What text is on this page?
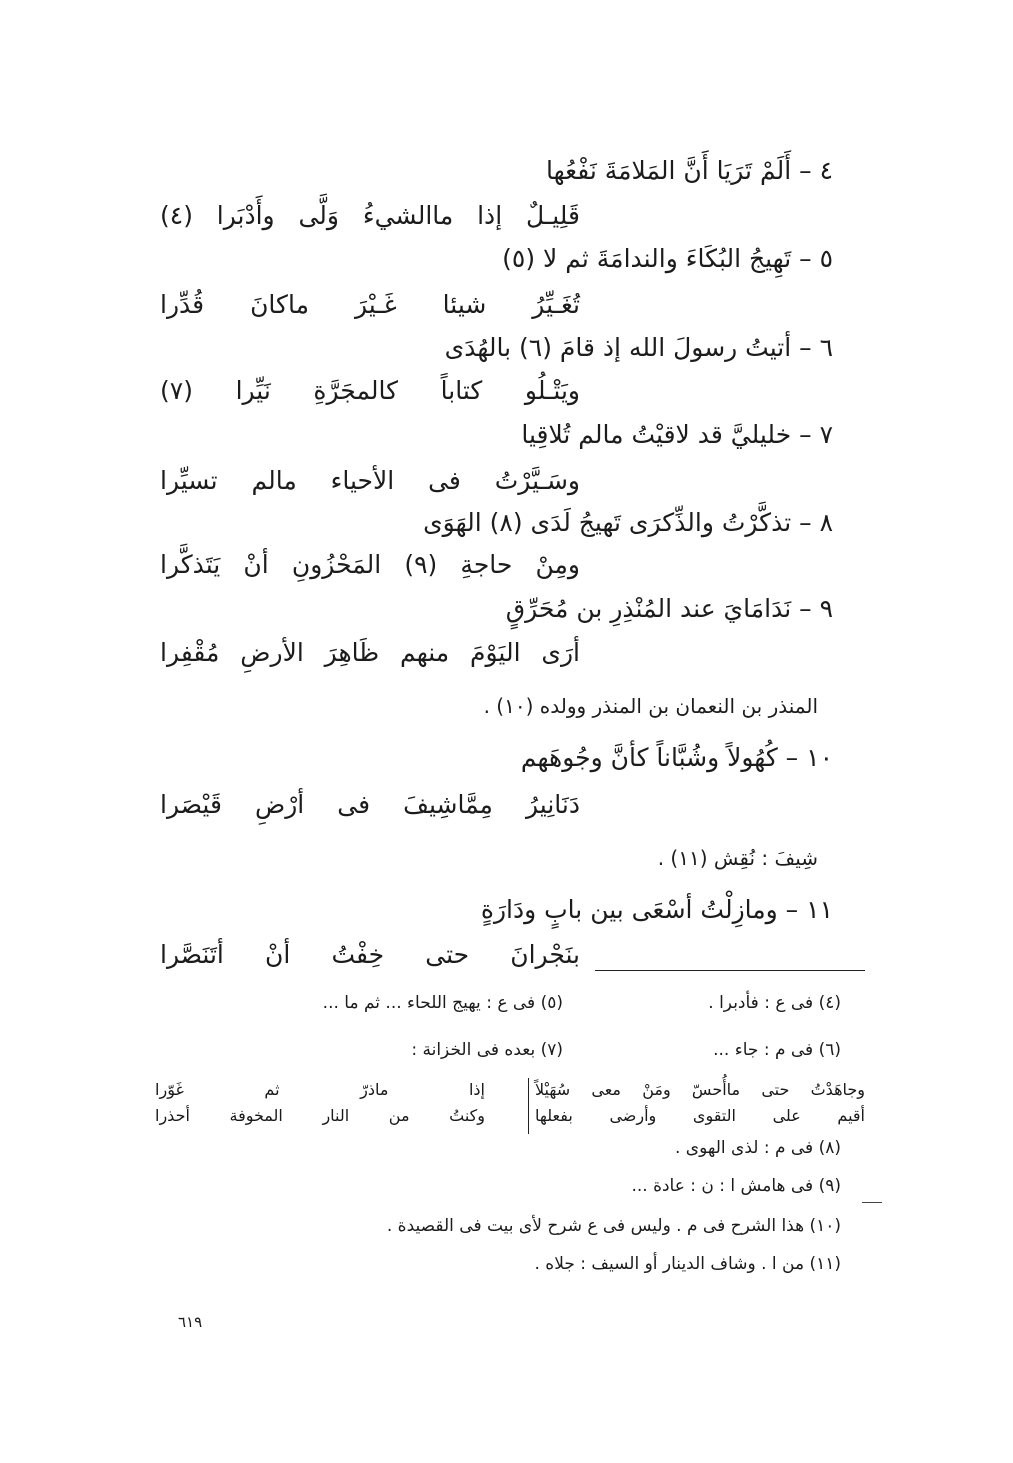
٤ – أَلَمْ تَرَيَا أَنَّ المَلامَةَ نَفْعُها
قَلِيـلٌ إذا ماالشيءُ وَلَّى وأَدْبَرا (٤)
٥ – تَهِيجُ البُكَاءَ والندامَةَ ثم لا (٥)
تُغَـيِّرُ شيئا غَـيْرَ ماكانَ قُدِّرا
٦ – أتيتُ رسولَ الله إذ قامَ (٦) بالهُدَى
ويَتْـلُو كتاباً كالمجَرَّةِ نَيِّرا (٧)
٧ – خليليَّ قد لاقيْتُ مالم تُلاقِيا
وسَـيَّرْتُ فى الأحياء مالم تسيِّرا
٨ – تذكَّرْتُ والذِّكرَى تَهيجُ لَدَى (٨) الهَوَى
ومِنْ حاجةِ (٩) المَحْزُونِ أنْ يَتَذكَّرا
٩ – نَدَامَايَ عند المُنْذِرِ بن مُحَرِّقٍ
أرَى اليَوْمَ منهم ظَاهِرَ الأرضِ مُقْفِرا
المنذر بن النعمان بن المنذر وولده (١٠) .
١٠ – كُهُولاً وشُبَّاناً كأنَّ وجُوهَهم
دَنَانِيرُ مِمَّاشِيفَ فى أرْضِ قَيْصَرا
شِيفَ : نُقِش (١١) .
١١ – ومازِلْتُ أسْعَى بين بابٍ ودَارَةٍ
بنَجْرانَ حتى خِفْتُ أنْ أتَنَصَّرا
(٤) فى ع : فأدبرا .
(٥) فى ع : يهيج اللحاء ... ثم ما ...
(٦) فى م : جاء ...
(٧) بعده فى الخزانة :
وجاهَدْتُ
حتى
ماأُحسّ
ومَنْ
معى
سُهَيْلاً
إذا
ماذرّ
ثم
غَوّرا
أقيم
على
التقوى
وأرضى
بفعلها
وكنتُ
من
النار
المخوفة
أحذرا
(٨) فى م : لذى الهوى .
(٩) فى هامش ا : ن : عادة ...
(١٠) هذا الشرح فى م . وليس فى ع شرح لأى بيت فى القصيدة .
(١١) من ا . وشاف الدينار أو السيف : جلاه .
٦١٩
